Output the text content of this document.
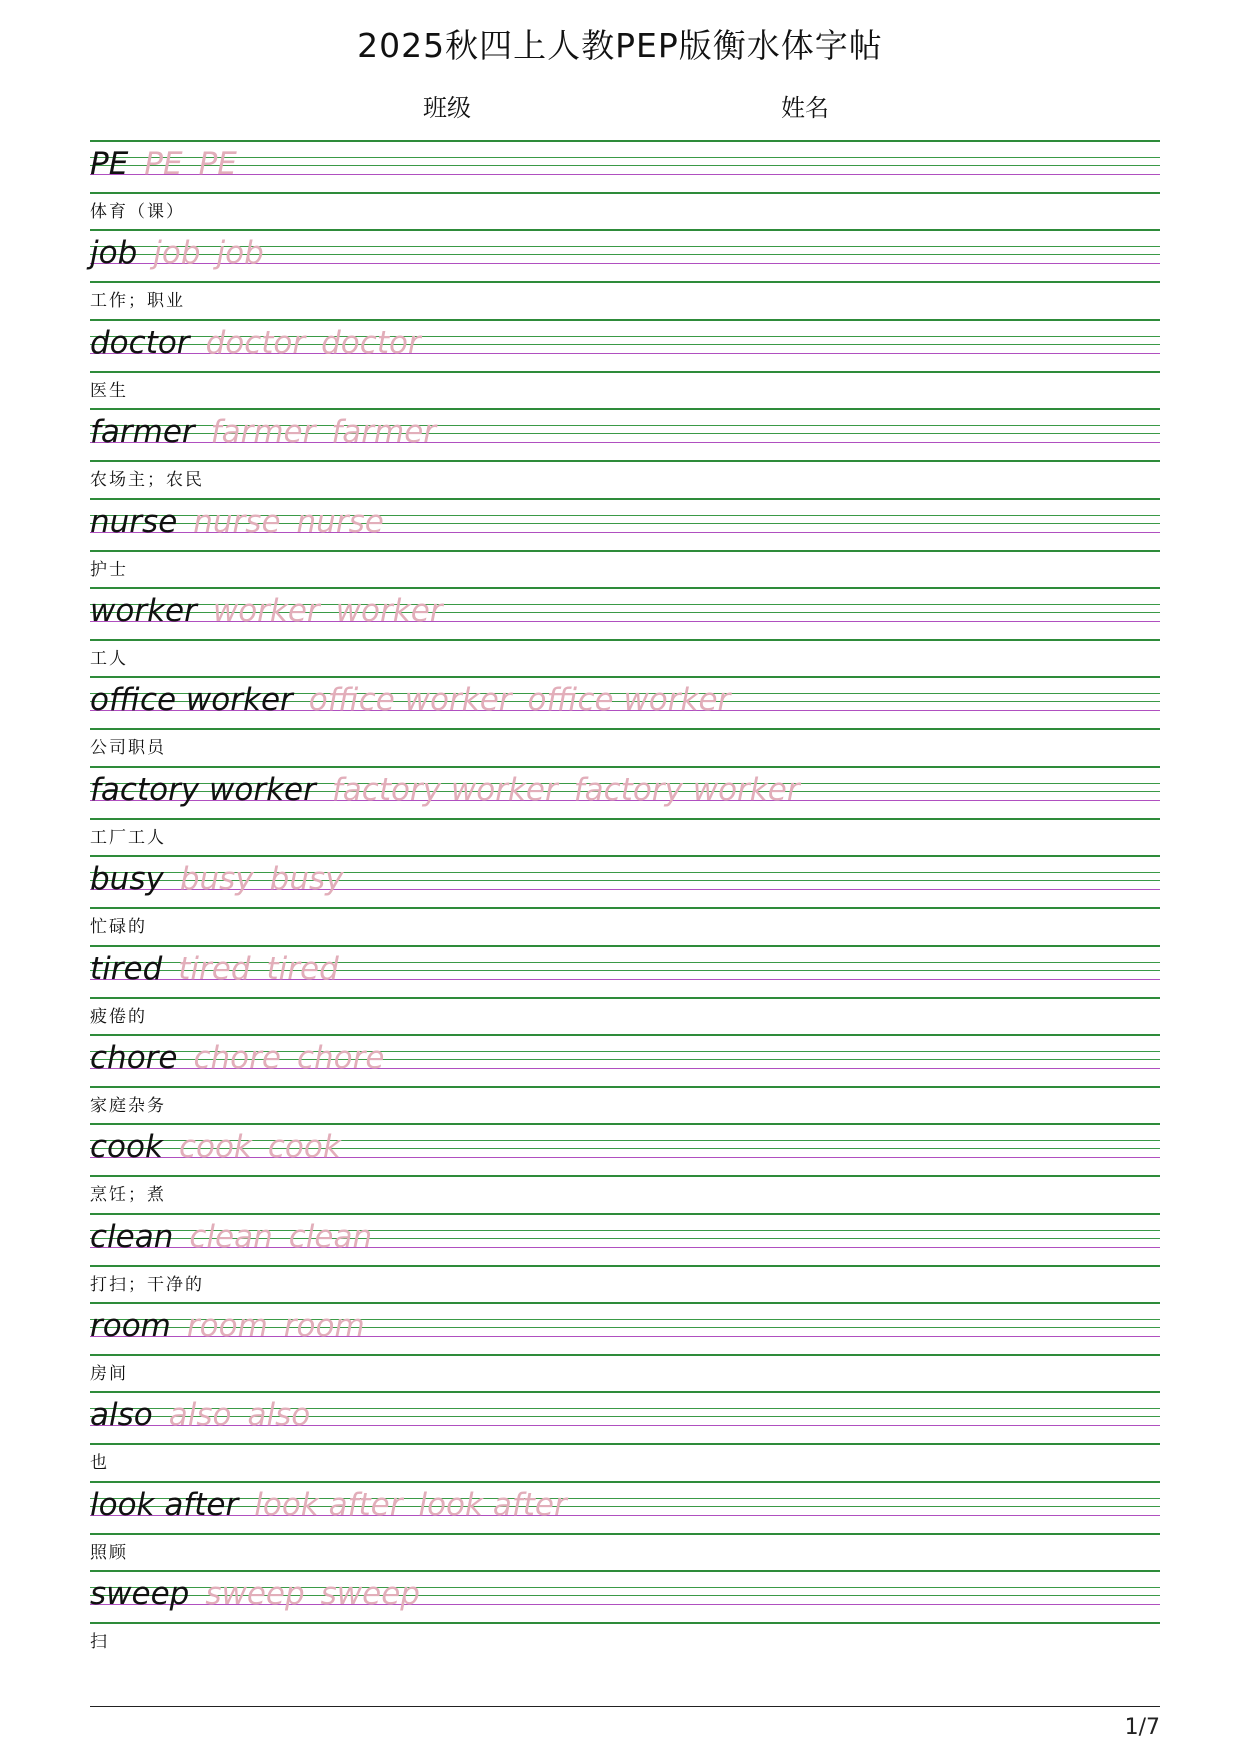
2025秋四上人教PEP版衡水体字帖
班级	姓名
PE PE PE
体育（课）
job job job
工作；职业
doctor doctor doctor
医生
farmer farmer farmer
农场主；农民
nurse nurse nurse
护士
worker worker worker
工人
office worker office worker office worker
公司职员
factory worker factory worker factory worker
工厂工人
busy busy busy
忙碌的
tired tired tired
疲倦的
chore chore chore
家庭杂务
cook cook cook
烹饪；煮
clean clean clean
打扫；干净的
room room room
房间
also also also
也
look after look after look after
照顾
sweep sweep sweep
扫
1/7
